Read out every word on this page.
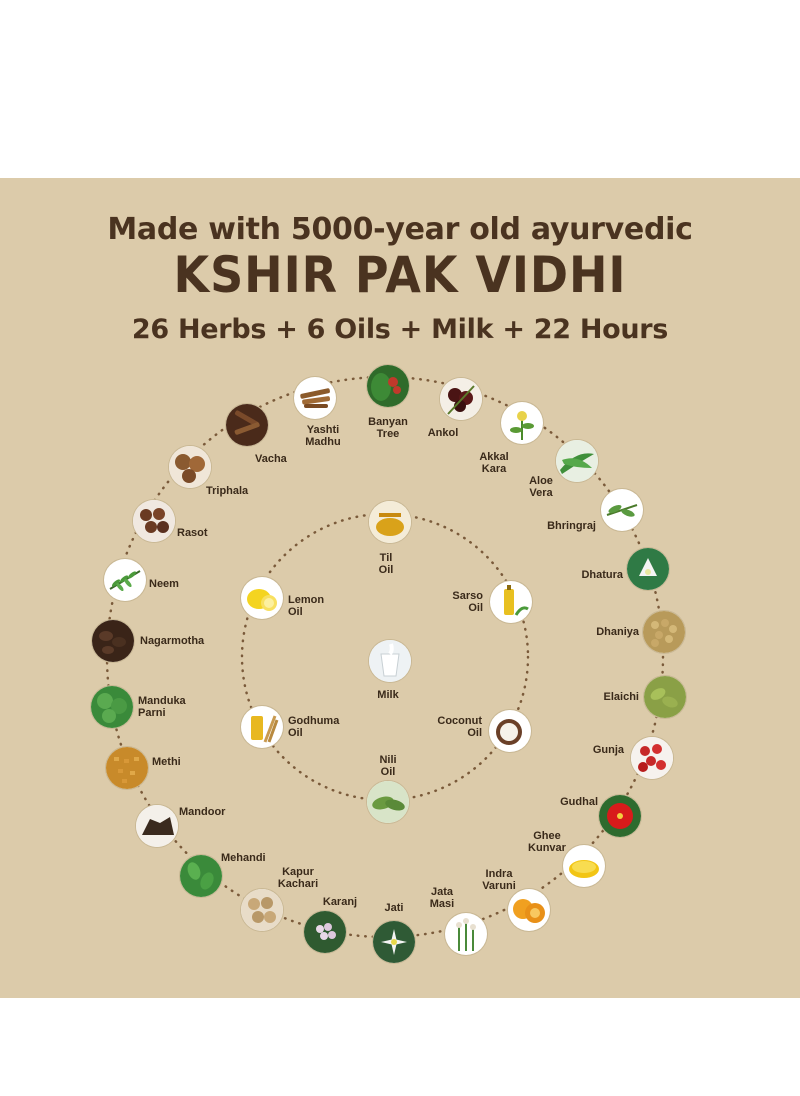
Made with 5000-year old ayurvedic
KSHIR PAK VIDHI
26 Herbs + 6 Oils + Milk + 22 Hours
Yashti
Madhu
Banyan
Tree	Ankol
Akkal
Kara
Aloe
Vera
Bhringraj
Dhatura
Dhaniya
Elaichi
Gunja
Gudhal
Ghee
Kunvar
Indra
Varuni
Jata
Masi
Jati
Karanj
Kapur
Kachari
Mehandi
Mandoor
Methi
Manduka
Parni
Nagarmotha
Neem
Rasot
Triphala
Vacha
Til
Oil
Sarso
Oil
Coconut
Oil
Nili
Oil
Godhuma
Oil
Lemon
Oil
Milk
